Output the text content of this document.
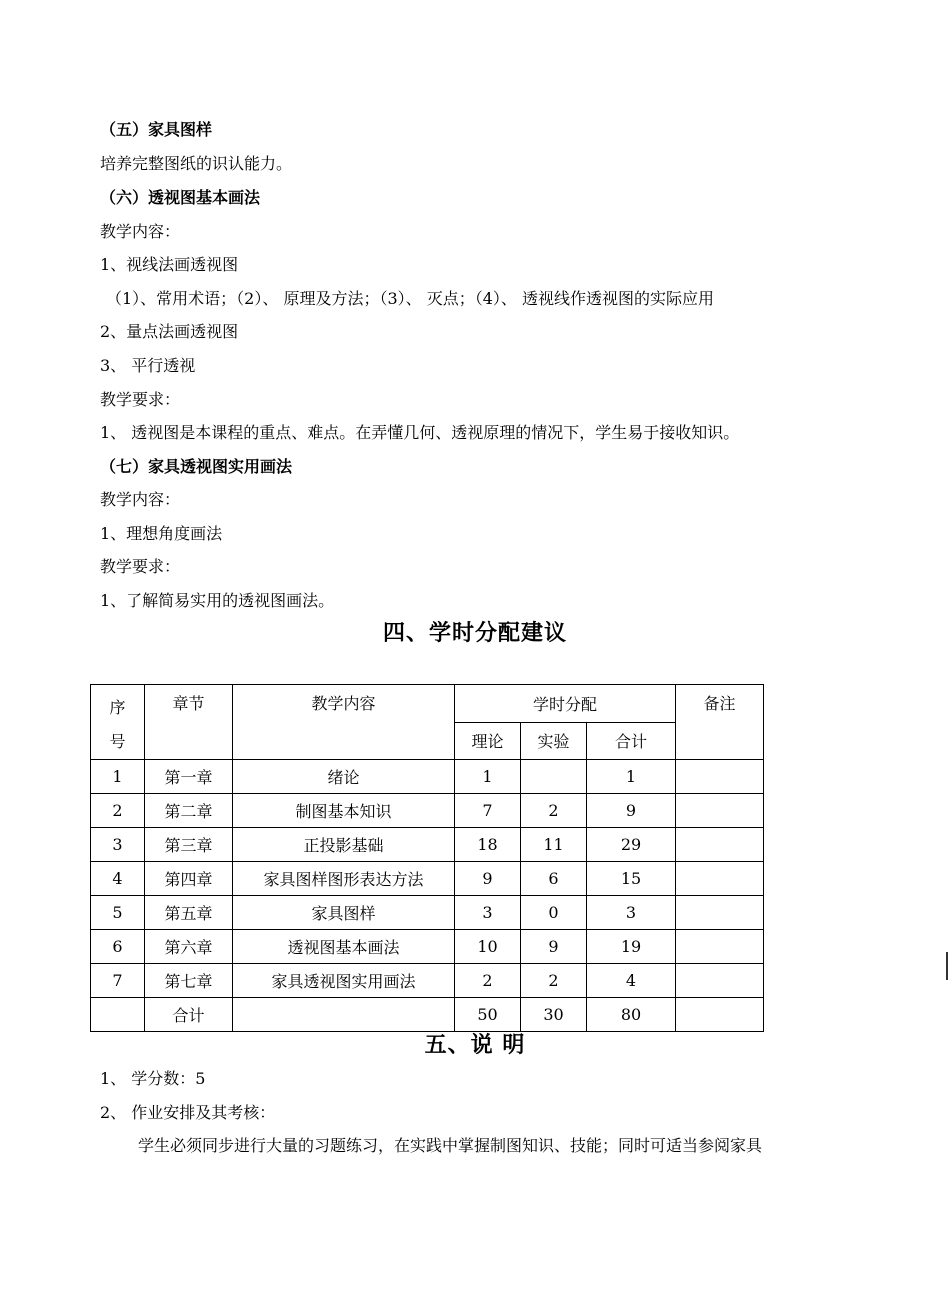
（五）家具图样
培养完整图纸的识认能力。
（六）透视图基本画法
教学内容：
1、视线法画透视图
（1）、常用术语；（2）、 原理及方法；（3）、 灭点；（4）、 透视线作透视图的实际应用
2、量点法画透视图
3、 平行透视
教学要求：
1、 透视图是本课程的重点、难点。在弄懂几何、透视原理的情况下，学生易于接收知识。
（七）家具透视图实用画法
教学内容：
1、理想角度画法
教学要求：
1、了解简易实用的透视图画法。
四、学时分配建议
序
号	章节	教学内容	学时分配			备注
			理论	实验	合计	
1	第一章	绪论	1		1	
2	第二章	制图基本知识	7	2	9	
3	第三章	正投影基础	18	11	29	
4	第四章	家具图样图形表达方法	9	6	15	
5	第五章	家具图样	3	0	3	
6	第六章	透视图基本画法	10	9	19	
7	第七章	家具透视图实用画法	2	2	4	
	合计		50	30	80	
五、说 明
1、 学分数：5
2、 作业安排及其考核：
学生必须同步进行大量的习题练习，在实践中掌握制图知识、技能；同时可适当参阅家具
